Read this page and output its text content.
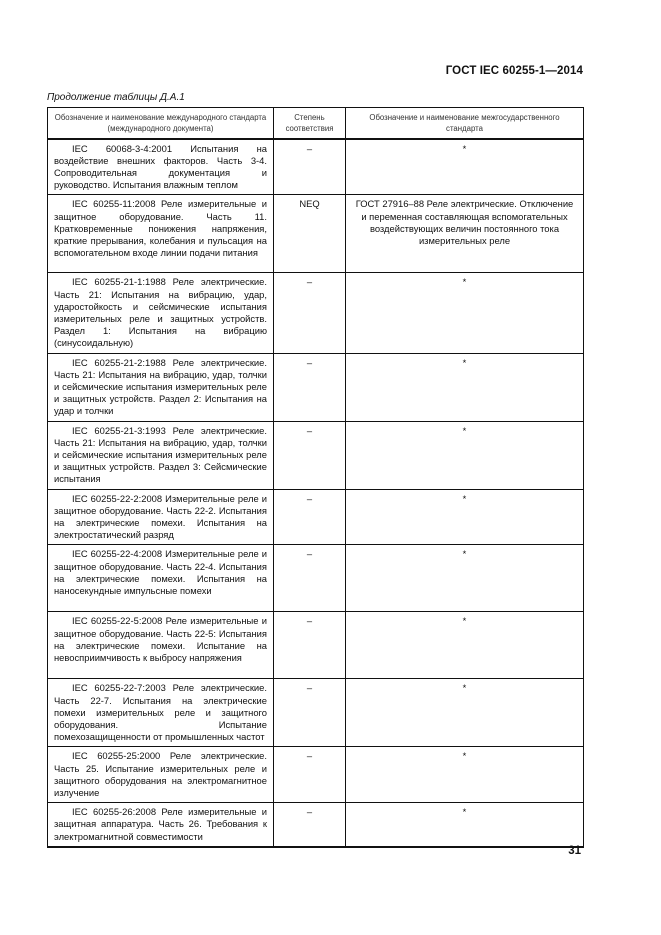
ГОСТ IEC 60255-1—2014
Продолжение таблицы Д.А.1
Обозначение и наименование международного стандарта (международного документа)	Степень соответствия	Обозначение и наименование межгосударственного стандарта
IEC 60068-3-4:2001 Испытания на воздействие внешних факторов. Часть 3-4. Сопроводительная документация и руководство. Испытания влажным теплом	–	*
IEC 60255-11:2008 Реле измерительные и защитное оборудование. Часть 11. Кратковременные понижения напряжения, краткие прерывания, колебания и пульсация на вспомогательном входе линии подачи питания	NEQ	ГОСТ 27916–88 Реле электрические. Отключение и переменная составляющая вспомогательных воздействующих величин постоянного тока измерительных реле
IEC 60255-21-1:1988 Реле электрические. Часть 21: Испытания на вибрацию, удар, ударостойкость и сейсмические испытания измерительных реле и защитных устройств. Раздел 1: Испытания на вибрацию (синусоидальную)	–	*
IEC 60255-21-2:1988 Реле электрические. Часть 21: Испытания на вибрацию, удар, толчки и сейсмические испытания измерительных реле и защитных устройств. Раздел 2: Испытания на удар и толчки	–	*
IEC 60255-21-3:1993 Реле электрические. Часть 21: Испытания на вибрацию, удар, толчки и сейсмические испытания измерительных реле и защитных устройств. Раздел 3: Сейсмические испытания	–	*
IEC 60255-22-2:2008 Измерительные реле и защитное оборудование. Часть 22-2. Испытания на электрические помехи. Испытания на электростатический разряд	–	*
IEC 60255-22-4:2008 Измерительные реле и защитное оборудование. Часть 22-4. Испытания на электрические помехи. Испытания на наносекундные импульсные помехи	–	*
IEC 60255-22-5:2008 Реле измерительные и защитное оборудование. Часть 22-5: Испытания на электрические помехи. Испытание на невосприимчивость к выбросу напряжения	–	*
IEC 60255-22-7:2003 Реле электрические. Часть 22-7. Испытания на электрические помехи измерительных реле и защитного оборудования. Испытание помехозащищенности от промышленных частот	–	*
IEC 60255-25:2000 Реле электрические. Часть 25. Испытание измерительных реле и защитного оборудования на электромагнитное излучение	–	*
IEC 60255-26:2008 Реле измерительные и защитная аппаратура. Часть 26. Требования к электромагнитной совместимости	–	*
31
